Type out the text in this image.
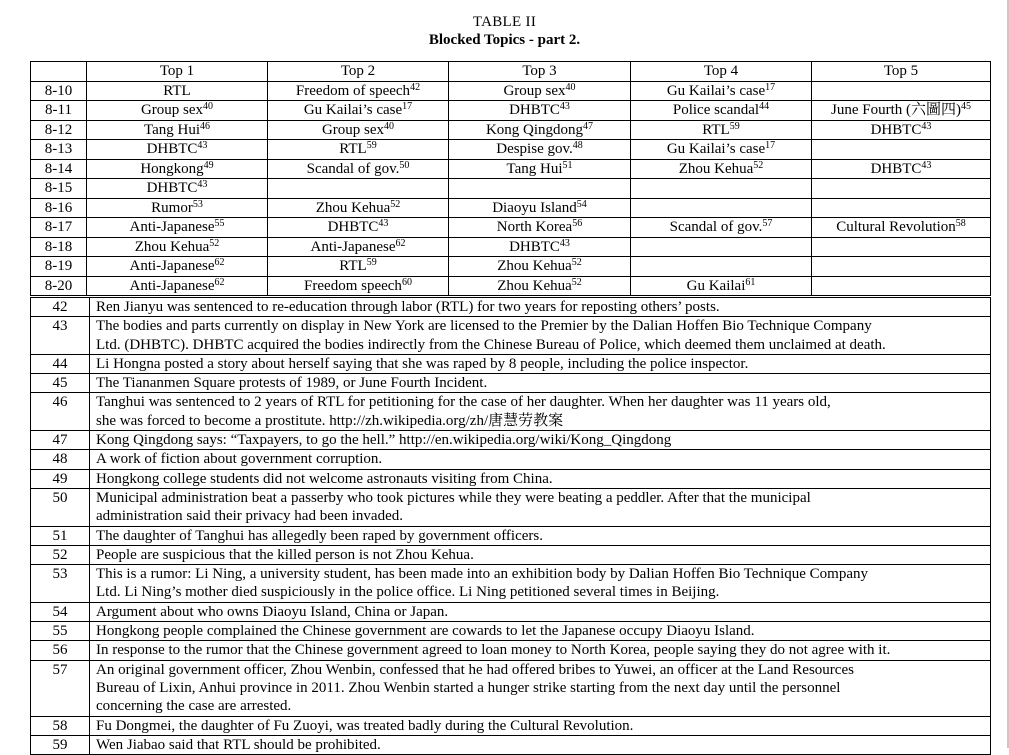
TABLE II
Blocked Topics - part 2.
	Top 1	Top 2	Top 3	Top 4	Top 5
8-10	RTL	Freedom of speech$^{42}$	Group sex$^{40}$	Gu Kailai’s case$^{17}$	
8-11	Group sex$^{40}$	Gu Kailai’s case$^{17}$	DHBTC$^{43}$	Police scandal$^{44}$	June Fourth (六圖四)$^{45}$
8-12	Tang Hui$^{46}$	Group sex$^{40}$	Kong Qingdong$^{47}$	RTL$^{59}$	DHBTC$^{43}$
8-13	DHBTC$^{43}$	RTL$^{59}$	Despise gov.$^{48}$	Gu Kailai’s case$^{17}$	
8-14	Hongkong$^{49}$	Scandal of gov.$^{50}$	Tang Hui$^{51}$	Zhou Kehua$^{52}$	DHBTC$^{43}$
8-15	DHBTC$^{43}$				
8-16	Rumor$^{53}$	Zhou Kehua$^{52}$	Diaoyu Island$^{54}$		
8-17	Anti-Japanese$^{55}$	DHBTC$^{43}$	North Korea$^{56}$	Scandal of gov.$^{57}$	Cultural Revolution$^{58}$
8-18	Zhou Kehua$^{52}$	Anti-Japanese$^{62}$	DHBTC$^{43}$		
8-19	Anti-Japanese$^{62}$	RTL$^{59}$	Zhou Kehua$^{52}$		
8-20	Anti-Japanese$^{62}$	Freedom speech$^{60}$	Zhou Kehua$^{52}$	Gu Kailai$^{61}$	
42	Ren Jianyu was sentenced to re-education through labor (RTL) for two years for reposting others’ posts.

43	The bodies and parts currently on display in New York are licensed to the Premier by the Dalian Hoffen Bio Technique Company
Ltd. (DHBTC). DHBTC acquired the bodies indirectly from the Chinese Bureau of Police, which deemed them unclaimed at death.

44	Li Hongna posted a story about herself saying that she was raped by 8 people, including the police inspector.

45	The Tiananmen Square protests of 1989, or June Fourth Incident.

46	Tanghui was sentenced to 2 years of RTL for petitioning for the case of her daughter. When her daughter was 11 years old,
she was forced to become a prostitute. http://zh.wikipedia.org/zh/唐慧劳教案

47	Kong Qingdong says: “Taxpayers, to go the hell.” http://en.wikipedia.org/wiki/Kong_Qingdong

48	A work of fiction about government corruption.

49	Hongkong college students did not welcome astronauts visiting from China.

50	Municipal administration beat a passerby who took pictures while they were beating a peddler. After that the municipal
administration said their privacy had been invaded.

51	The daughter of Tanghui has allegedly been raped by government officers.

52	People are suspicious that the killed person is not Zhou Kehua.

53	This is a rumor: Li Ning, a university student, has been made into an exhibition body by Dalian Hoffen Bio Technique Company
Ltd. Li Ning’s mother died suspiciously in the police office. Li Ning petitioned several times in Beijing.

54	Argument about who owns Diaoyu Island, China or Japan.

55	Hongkong people complained the Chinese government are cowards to let the Japanese occupy Diaoyu Island.

56	In response to the rumor that the Chinese government agreed to loan money to North Korea, people saying they do not agree with it.

57	An original government officer, Zhou Wenbin, confessed that he had offered bribes to Yuwei, an officer at the Land Resources
Bureau of Lixin, Anhui province in 2011. Zhou Wenbin started a hunger strike starting from the next day until the personnel
concerning the case are arrested.

58	Fu Dongmei, the daughter of Fu Zuoyi, was treated badly during the Cultural Revolution.

59	Wen Jiabao said that RTL should be prohibited.
